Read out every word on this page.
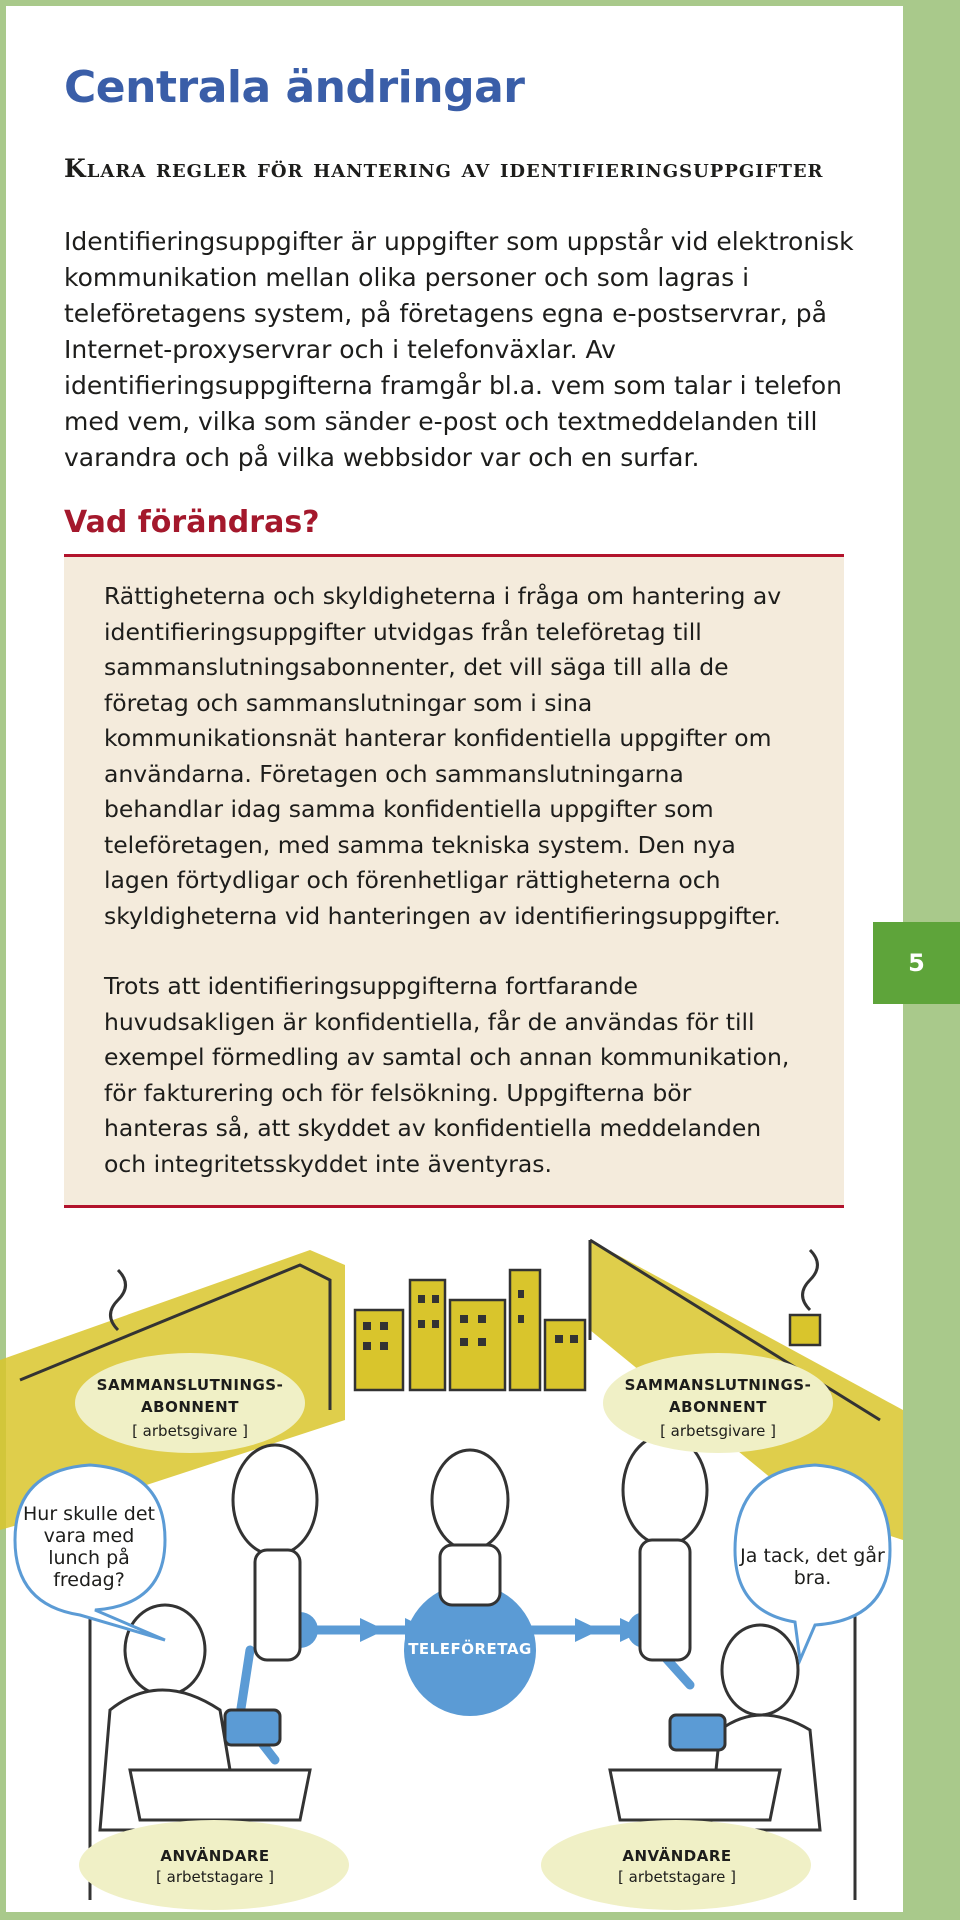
5
Centrala ändringar
Klara regler för hantering av identifieringsuppgifter

Identifieringsuppgifter är uppgifter som uppstår vid elektronisk kommunikation mellan olika personer och som lagras i teleföretagens system, på företagens egna e-postservrar, på Internet-proxyservrar och i telefonväxlar. Av identifieringsuppgifterna framgår bl.a. vem som talar i telefon med vem, vilka som sänder e-post och textmeddelanden till varandra och på vilka webbsidor var och en surfar.

Vad förändras?

Rättigheterna och skyldigheterna i fråga om hantering av identifieringsuppgifter utvidgas från teleföretag till sammanslutningsabonnenter, det vill säga till alla de företag och sammanslutningar som i sina kommunikationsnät hanterar konfidentiella uppgifter om användarna. Företagen och sammanslutningarna behandlar idag samma konfidentiella uppgifter som teleföretagen, med samma tekniska system. Den nya lagen förtydligar och förenhetligar rättigheterna och skyldigheterna vid hanteringen av identifieringsuppgifter.

Trots att identifieringsuppgifterna fortfarande huvudsakligen är konfidentiella, får de användas för till exempel förmedling av samtal och annan kommunikation, för fakturering och för felsökning. Uppgifterna bör hanteras så, att skyddet av konfidentiella meddelanden och integritetsskyddet inte äventyras.

SAMMANSLUTNINGS-
ABONNENT
[ arbetsgivare ]
SAMMANSLUTNINGS-
ABONNENT
[ arbetsgivare ]
Hur skulle det vara med lunch på fredag?
Ja tack, det går bra.
TELEFÖRETAG
ANVÄNDARE
[ arbetstagare ]
ANVÄNDARE
[ arbetstagare ]
